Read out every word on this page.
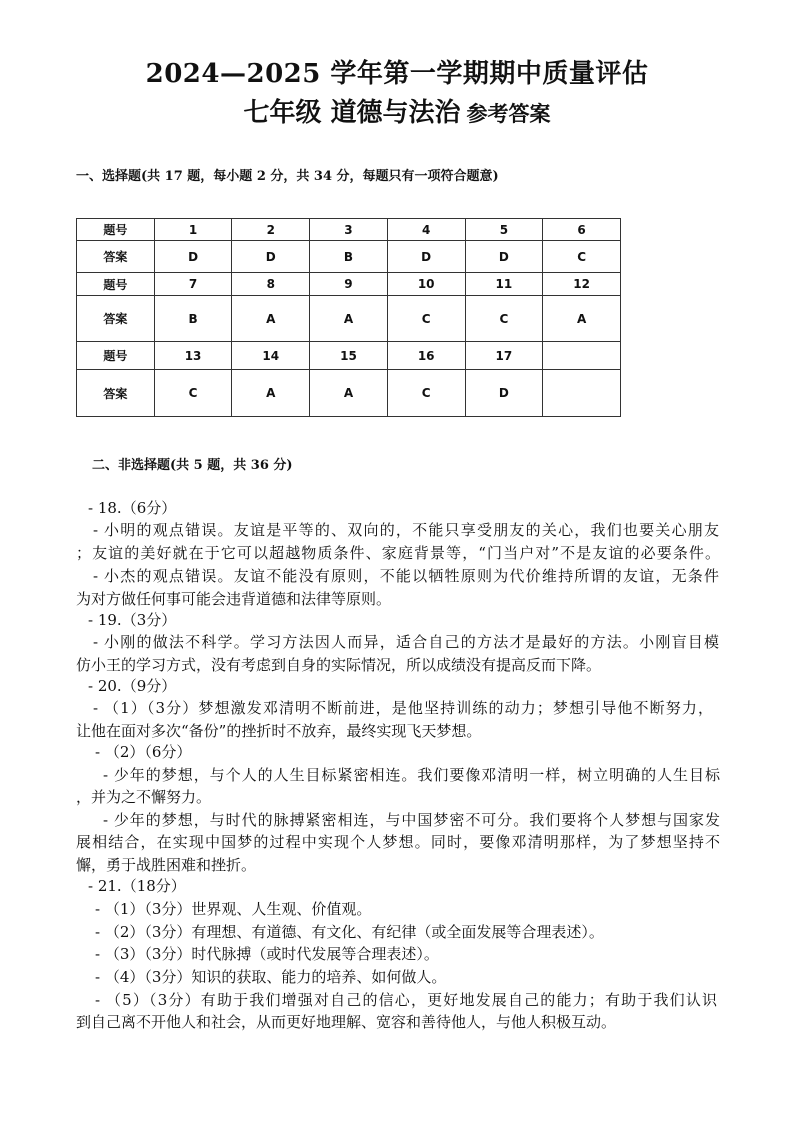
2024—2025 学年第一学期期中质量评估
七年级 道德与法治 参考答案
一、选择题(共 17 题，每小题 2 分，共 34 分，每题只有一项符合题意)
题号	1	2	3	4	5	6
答案	D	D	B	D	D	C
题号	7	8	9	10	11	12
答案	B	A	A	C	C	A
题号	13	14	15	16	17	
答案	C	A	A	C	D	
二、非选择题(共 5 题，共 36 分)
- 18.（6分）
- 小明的观点错误。友谊是平等的、双向的，不能只享受朋友的关心，我们也要关心朋友
；友谊的美好就在于它可以超越物质条件、家庭背景等，“门当户对”不是友谊的必要条件。
- 小杰的观点错误。友谊不能没有原则，不能以牺牲原则为代价维持所谓的友谊，无条件
为对方做任何事可能会违背道德和法律等原则。
- 19.（3分）
- 小刚的做法不科学。学习方法因人而异，适合自己的方法才是最好的方法。小刚盲目模
仿小王的学习方式，没有考虑到自身的实际情况，所以成绩没有提高反而下降。
- 20.（9分）
- （1）（3分）梦想激发邓清明不断前进，是他坚持训练的动力；梦想引导他不断努力，
让他在面对多次“备份”的挫折时不放弃，最终实现飞天梦想。
- （2）（6分）
- 少年的梦想，与个人的人生目标紧密相连。我们要像邓清明一样，树立明确的人生目标
，并为之不懈努力。
- 少年的梦想，与时代的脉搏紧密相连，与中国梦密不可分。我们要将个人梦想与国家发
展相结合，在实现中国梦的过程中实现个人梦想。同时，要像邓清明那样，为了梦想坚持不
懈，勇于战胜困难和挫折。
- 21.（18分）
- （1）（3分）世界观、人生观、价值观。
- （2）（3分）有理想、有道德、有文化、有纪律（或全面发展等合理表述）。
- （3）（3分）时代脉搏（或时代发展等合理表述）。
- （4）（3分）知识的获取、能力的培养、如何做人。
- （5）（3分）有助于我们增强对自己的信心，更好地发展自己的能力；有助于我们认识
到自己离不开他人和社会，从而更好地理解、宽容和善待他人，与他人积极互动。
